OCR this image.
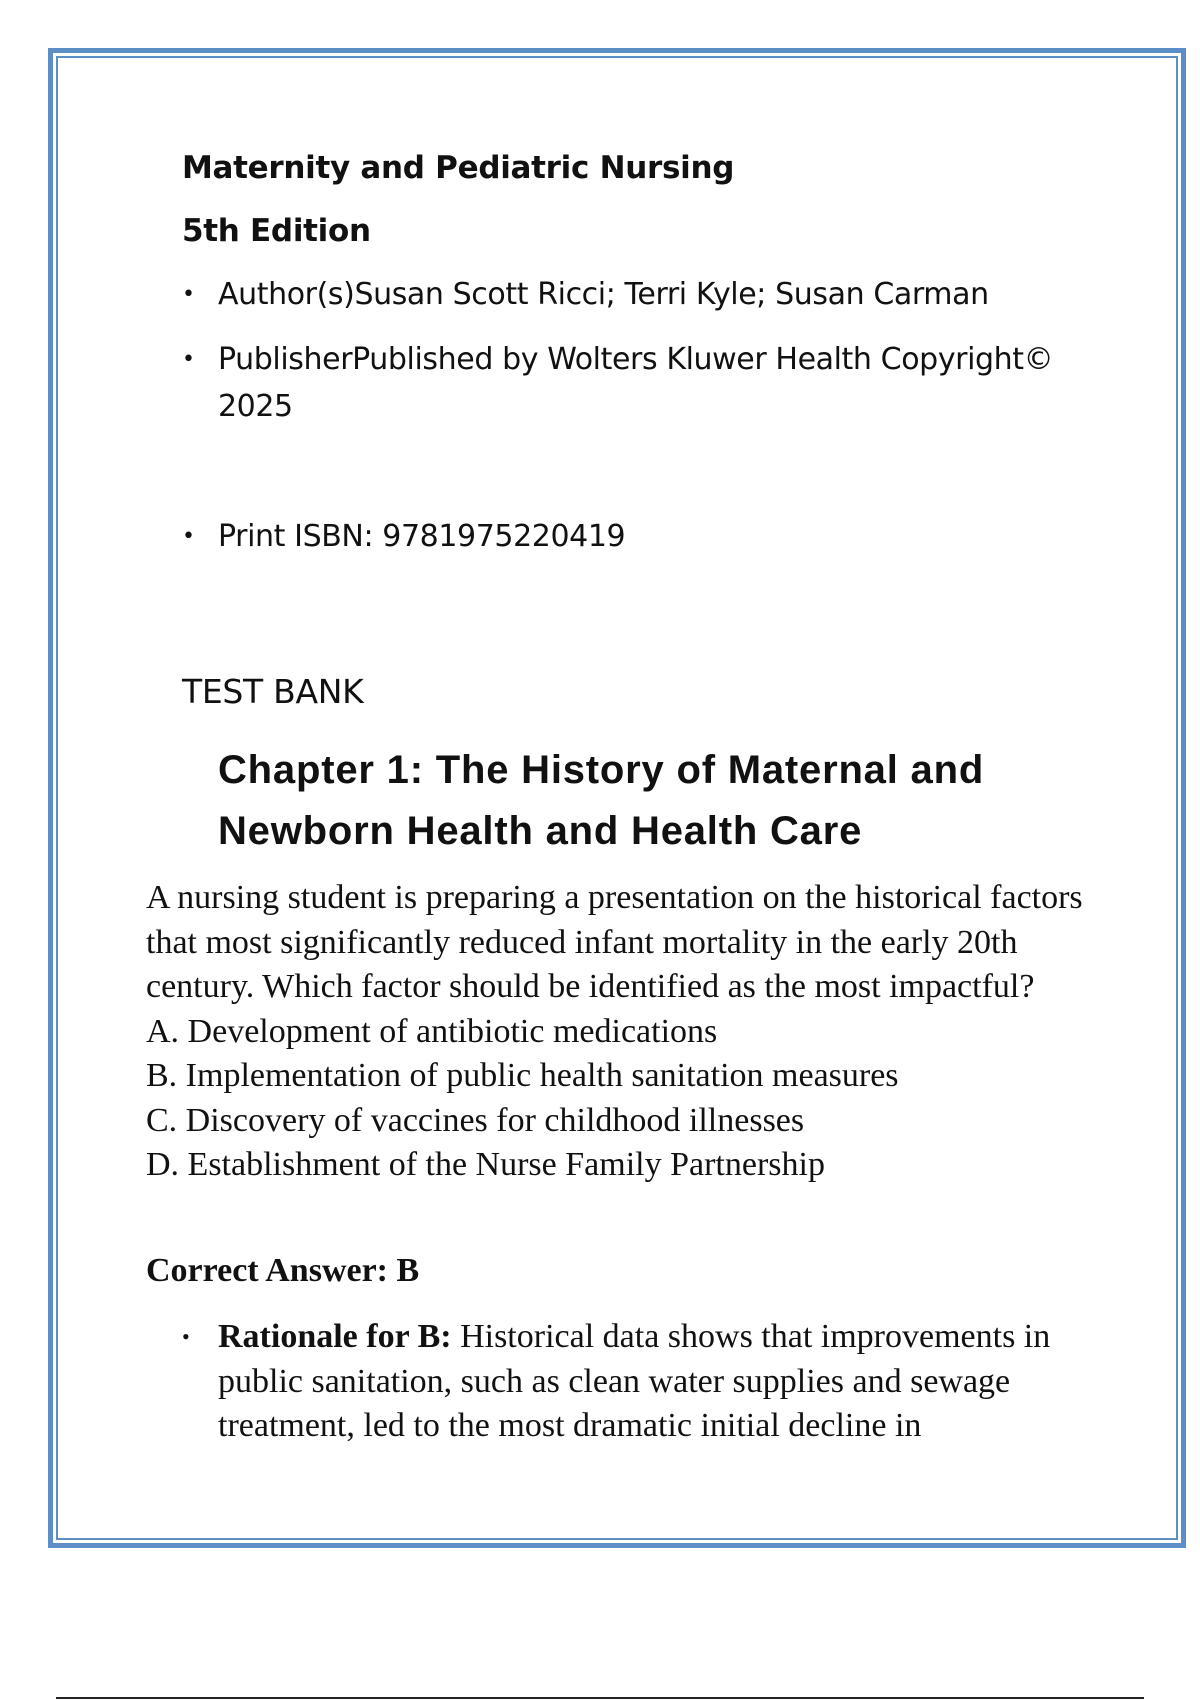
Maternity and Pediatric Nursing
5th Edition
• Author(s)Susan Scott Ricci; Terri Kyle; Susan Carman
• PublisherPublished by Wolters Kluwer Health Copyright© 2025
• Print ISBN: 9781975220419

TEST BANK

Chapter 1: The History of Maternal and Newborn Health and Health Care

A nursing student is preparing a presentation on the historical factors that most significantly reduced infant mortality in the early 20th century. Which factor should be identified as the most impactful?

A. Development of antibiotic medications
B. Implementation of public health sanitation measures
C. Discovery of vaccines for childhood illnesses
D. Establishment of the Nurse Family Partnership

Correct Answer: B

• Rationale for B: Historical data shows that improvements in public sanitation, such as clean water supplies and sewage treatment, led to the most dramatic initial decline in
